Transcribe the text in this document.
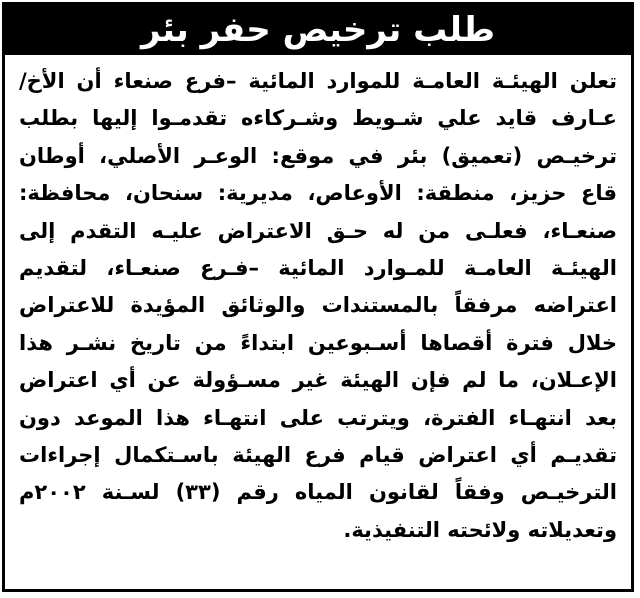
طلب ترخيص حفر بئر
تعلن الهيئـة العامـة للموارد المائية –فرع صنعاء أن الأخ/
عـارف قايد علي شـويط وشـركاءه تقدمـوا إليها بطلب
ترخيـص (تعميق) بئر في موقع: الوعـر الأصلي، أوطان
قاع حزيز، منطقة: الأوعاص، مديرية: سنحان، محافظة:
صنعـاء، فعلـى من له حـق الاعتراض عليـه التقدم إلى
الهيئـة العامـة للمـوارد المائية –فـرع صنعـاء، لتقديم
اعتراضه مرفقاً بالمستندات والوثائق المؤيدة للاعتراض
خلال فترة أقصاها أسـبوعين ابتداءً من تاريخ نشـر هذا
الإعـلان، ما لم فإن الهيئة غير مسـؤولة عن أي اعتراض
بعد انتهـاء الفترة، ويترتب على انتهـاء هذا الموعد دون
تقديـم أي اعتراض قيام فرع الهيئة باسـتكمال إجراءات
الترخيـص وفقاً لقانون المياه رقم (٣٣) لسـنة ٢٠٠٢م
وتعديلاته ولائحته التنفيذية.
